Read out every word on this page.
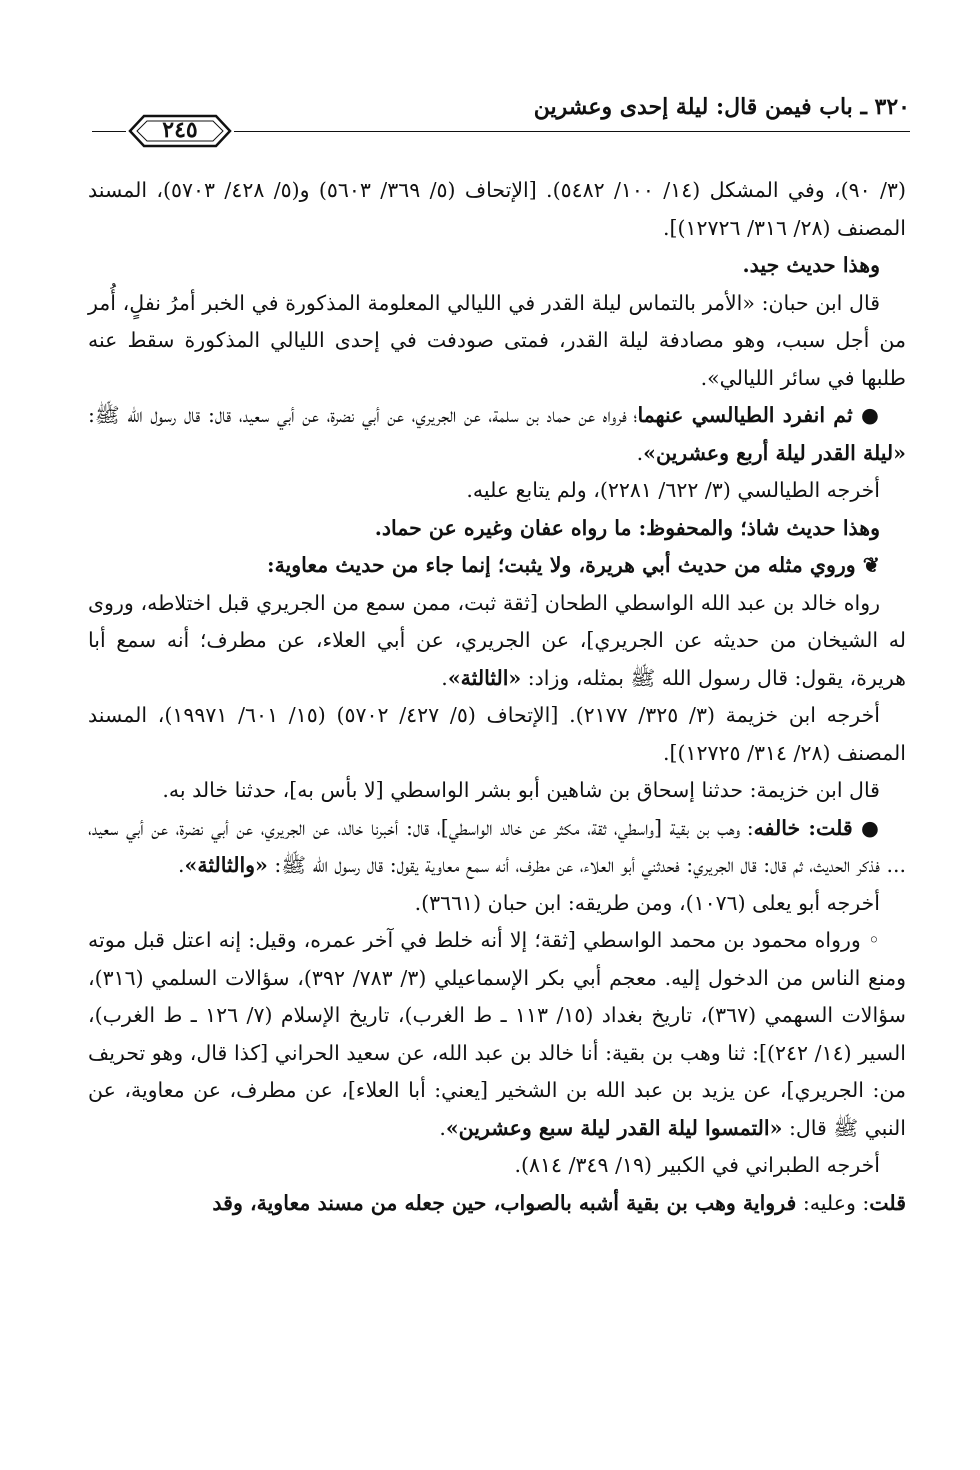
٣٢٠ ـ باب فيمن قال: ليلة إحدى وعشرين
٢٤٥

(٣/ ٩٠)، وفي المشكل (١٤/ ١٠٠/ ٥٤٨٢). [الإتحاف (٥/ ٣٦٩/ ٥٦٠٣) و(٥/ ٤٢٨/ ٥٧٠٣)، المسند المصنف (٢٨/ ٣١٦/ ١٢٧٢٦)].

وهذا حديث جيد.

قال ابن حبان: «الأمر بالتماس ليلة القدر في الليالي المعلومة المذكورة في الخبر أمرُ نفلٍ، أُمر من أجل سبب، وهو مصادفة ليلة القدر، فمتى صودفت في إحدى الليالي المذكورة سقط عنه طلبها في سائر الليالي».

● ثم انفرد الطيالسي عنهما؛ فرواه عن حماد بن سلمة، عن الجريري، عن أبي نضرة، عن أبي سعيد، قال: قال رسول الله ﷺ: «ليلة القدر ليلة أربع وعشرين».

أخرجه الطيالسي (٣/ ٦٢٢/ ٢٢٨١)، ولم يتابع عليه.

وهذا حديث شاذ؛ والمحفوظ: ما رواه عفان وغيره عن حماد.

❦ وروي مثله من حديث أبي هريرة، ولا يثبت؛ إنما جاء من حديث معاوية:

رواه خالد بن عبد الله الواسطي الطحان [ثقة ثبت، ممن سمع من الجريري قبل اختلاطه، وروى له الشيخان من حديثه عن الجريري]، عن الجريري، عن أبي العلاء، عن مطرف؛ أنه سمع أبا هريرة، يقول: قال رسول الله ﷺ بمثله، وزاد: «الثالثة».

أخرجه ابن خزيمة (٣/ ٣٢٥/ ٢١٧٧). [الإتحاف (٥/ ٤٢٧/ ٥٧٠٢) (١٥/ ٦٠١/ ١٩٩٧١)، المسند المصنف (٢٨/ ٣١٤/ ١٢٧٢٥)].

قال ابن خزيمة: حدثنا إسحاق بن شاهين أبو بشر الواسطي [لا بأس به]، حدثنا خالد به.

● قلت: خالفه: وهب بن بقية [واسطي، ثقة، مكثر عن خالد الواسطي]، قال: أخبرنا خالد، عن الجريري، عن أبي نضرة، عن أبي سعيد، ... فذكر الحديث، ثم قال: قال الجريري: فحدثني أبو العلاء، عن مطرف، أنه سمع معاوية يقول: قال رسول الله ﷺ: «والثالثة».

أخرجه أبو يعلى (١٠٧٦)، ومن طريقه: ابن حبان (٣٦٦١).

◦ ورواه محمود بن محمد الواسطي [ثقة؛ إلا أنه خلط في آخر عمره، وقيل: إنه اعتل قبل موته ومنع الناس من الدخول إليه. معجم أبي بكر الإسماعيلي (٣/ ٧٨٣/ ٣٩٢)، سؤالات السلمي (٣١٦)، سؤالات السهمي (٣٦٧)، تاريخ بغداد (١٥/ ١١٣ ـ ط الغرب)، تاريخ الإسلام (٧/ ١٢٦ ـ ط الغرب)، السير (١٤/ ٢٤٢)]: ثنا وهب بن بقية: أنا خالد بن عبد الله، عن سعيد الحراني [كذا قال، وهو تحريف من: الجريري]، عن يزيد بن عبد الله بن الشخير [يعني: أبا العلاء]، عن مطرف، عن معاوية، عن النبي ﷺ قال: «التمسوا ليلة القدر ليلة سبع وعشرين».

أخرجه الطبراني في الكبير (١٩/ ٣٤٩/ ٨١٤).

قلت: وعليه: فرواية وهب بن بقية أشبه بالصواب، حين جعله من مسند معاوية، وقد
